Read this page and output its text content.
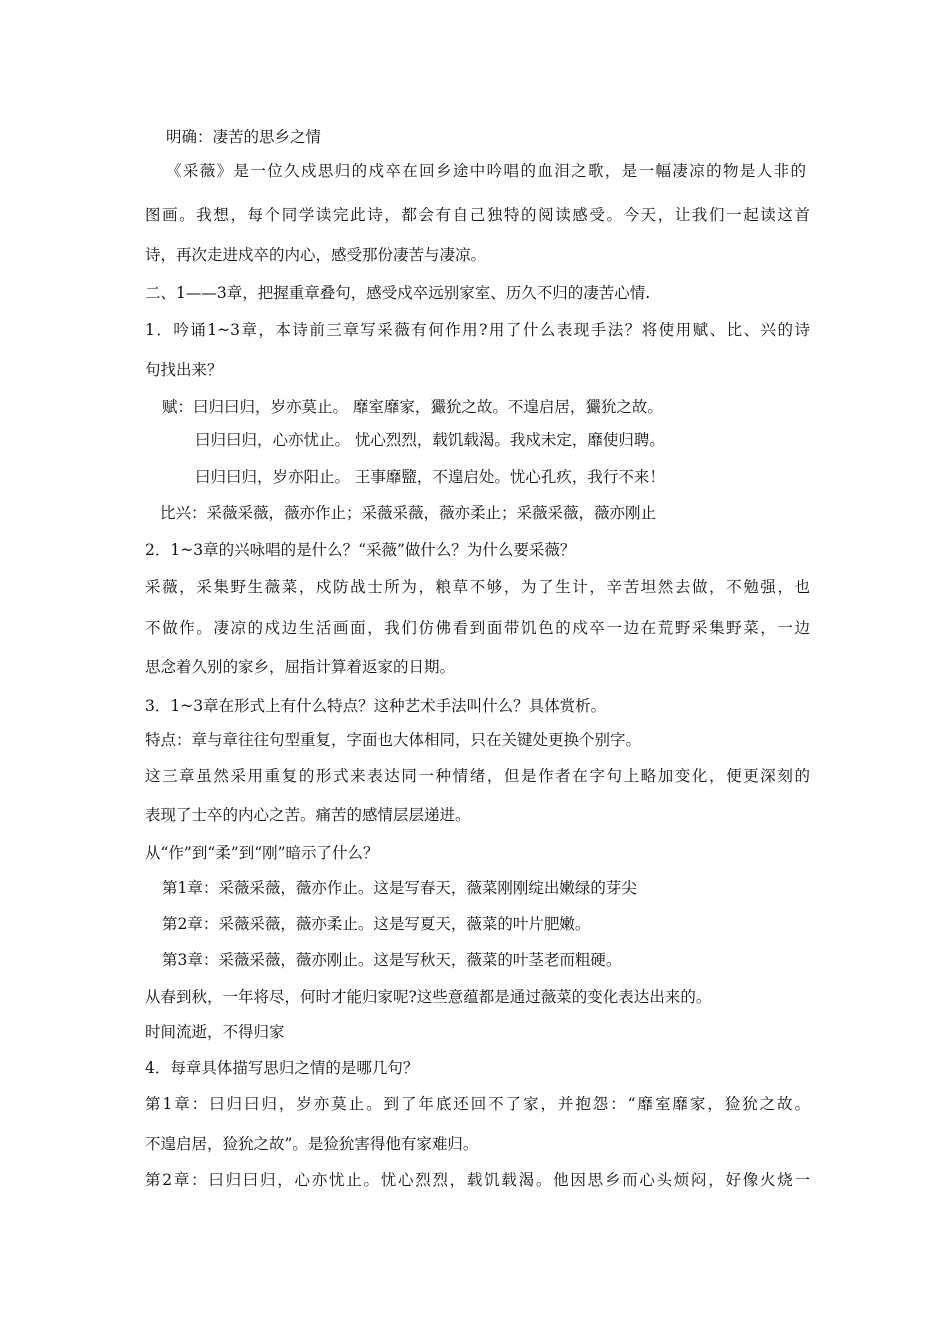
明确：凄苦的思乡之情

《采薇》是一位久戍思归的戍卒在回乡途中吟唱的血泪之歌，是一幅凄凉的物是人非的

图画。我想，每个同学读完此诗，都会有自己独特的阅读感受。今天，让我们一起读这首

诗，再次走进戍卒的内心，感受那份凄苦与凄凉。

二、1——3章，把握重章叠句，感受戍卒远别家室、历久不归的凄苦心情.

1．吟诵1~3章，本诗前三章写采薇有何作用?用了什么表现手法？将使用赋、比、兴的诗

句找出来？

赋：曰归曰归，岁亦莫止。 靡室靡家，玁狁之故。不遑启居，玁狁之故。

曰归曰归，心亦忧止。 忧心烈烈，载饥载渴。我戍未定，靡使归聘。

曰归曰归，岁亦阳止。 王事靡盬，不遑启处。忧心孔疚，我行不来！

比兴：采薇采薇，薇亦作止；采薇采薇，薇亦柔止；采薇采薇，薇亦刚止

2．1~3章的兴咏唱的是什么？“采薇”做什么？为什么要采薇？

采薇，采集野生薇菜，戍防战士所为，粮草不够，为了生计，辛苦坦然去做，不勉强，也

不做作。凄凉的戍边生活画面，我们仿佛看到面带饥色的戍卒一边在荒野采集野菜，一边

思念着久别的家乡，屈指计算着返家的日期。

3．1~3章在形式上有什么特点？这种艺术手法叫什么？具体赏析。

特点：章与章往往句型重复，字面也大体相同，只在关键处更换个别字。

这三章虽然采用重复的形式来表达同一种情绪，但是作者在字句上略加变化，便更深刻的

表现了士卒的内心之苦。痛苦的感情层层递进。

从“作”到“柔”到“刚”暗示了什么？

第1章：采薇采薇，薇亦作止。这是写春天，薇菜刚刚绽出嫩绿的芽尖

第2章：采薇采薇，薇亦柔止。这是写夏天，薇菜的叶片肥嫩。

第3章：采薇采薇，薇亦刚止。这是写秋天，薇菜的叶茎老而粗硬。

从春到秋，一年将尽，何时才能归家呢?这些意蕴都是通过薇菜的变化表达出来的。

时间流逝，不得归家

4．每章具体描写思归之情的是哪几句？

第1章：曰归曰归，岁亦莫止。到了年底还回不了家，并抱怨：“靡室靡家，猃狁之故。

不遑启居，猃狁之故”。是猃狁害得他有家难归。

第2章：曰归曰归，心亦忧止。忧心烈烈，载饥载渴。他因思乡而心头烦闷，好像火烧一
